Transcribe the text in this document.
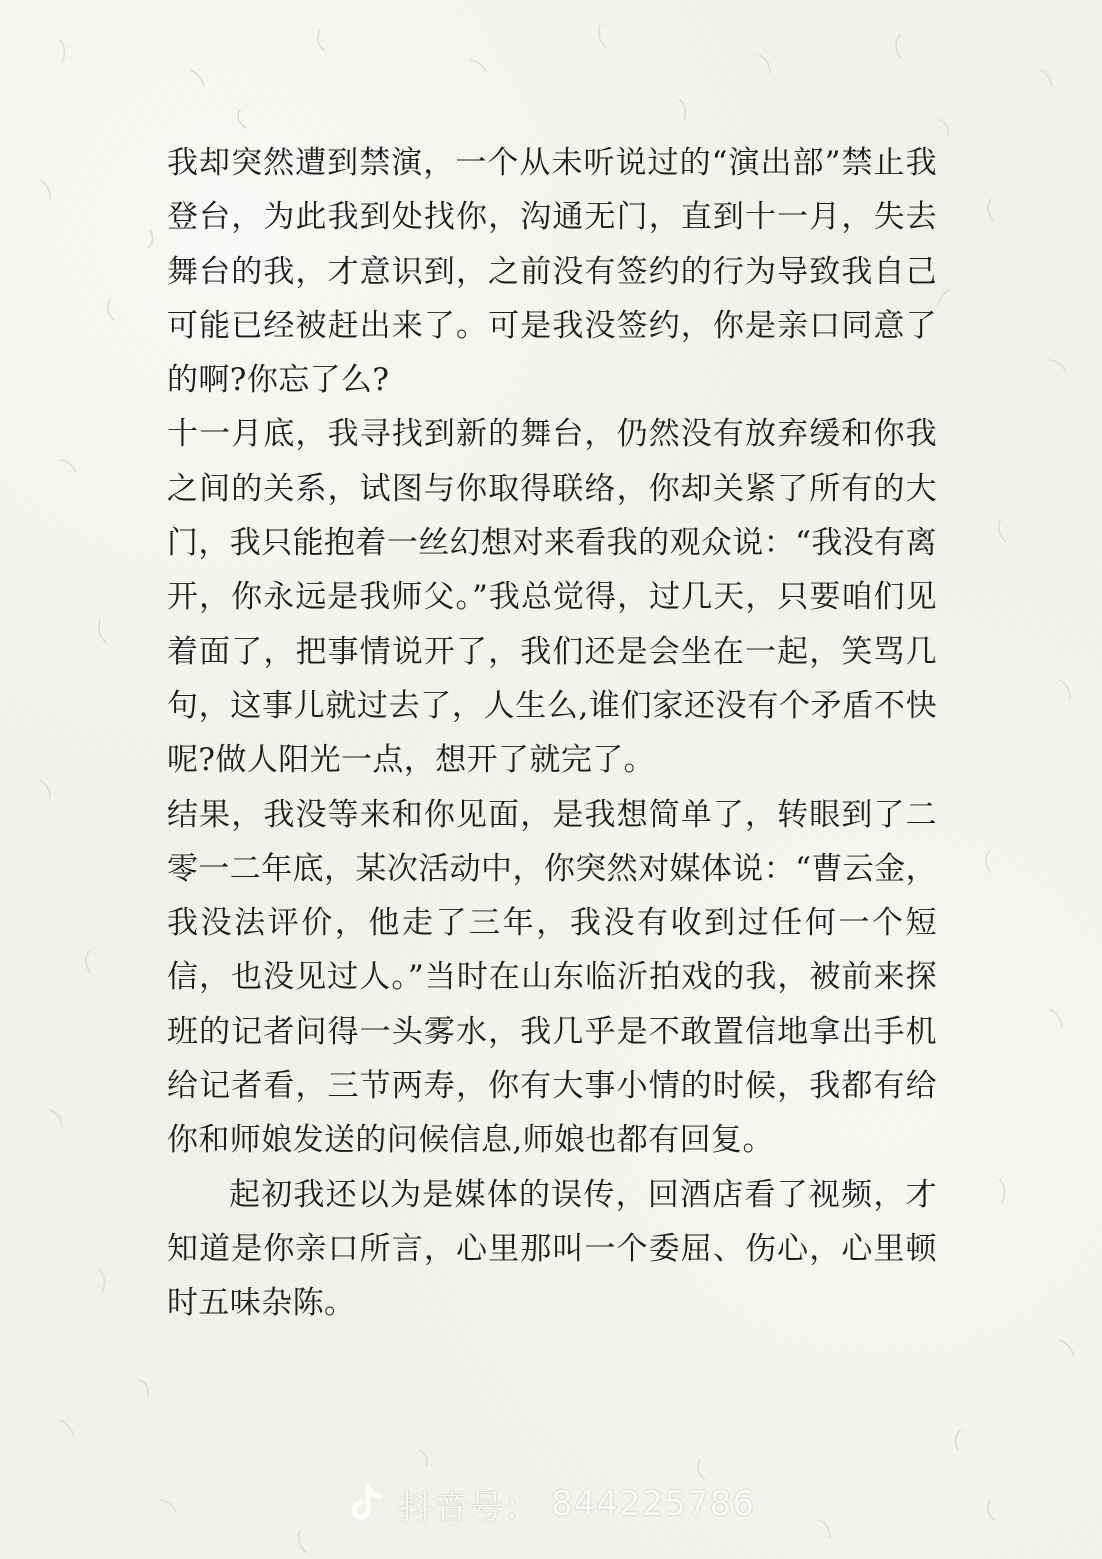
我却突然遭到禁演，一个从未听说过的“演出部”禁止我登台，为此我到处找你，沟通无门，直到十一月，失去舞台的我，才意识到，之前没有签约的行为导致我自己可能已经被赶出来了。可是我没签约，你是亲口同意了的啊?你忘了么?

十一月底，我寻找到新的舞台，仍然没有放弃缓和你我之间的关系，试图与你取得联络，你却关紧了所有的大门，我只能抱着一丝幻想对来看我的观众说：“我没有离开，你永远是我师父。”我总觉得，过几天，只要咱们见着面了，把事情说开了，我们还是会坐在一起，笑骂几句，这事儿就过去了，人生么,谁们家还没有个矛盾不快呢?做人阳光一点，想开了就完了。

结果，我没等来和你见面，是我想简单了，转眼到了二零一二年底，某次活动中，你突然对媒体说：“曹云金，我没法评价，他走了三年，我没有收到过任何一个短信，也没见过人。”当时在山东临沂拍戏的我，被前来探班的记者问得一头雾水，我几乎是不敢置信地拿出手机给记者看，三节两寿，你有大事小情的时候，我都有给你和师娘发送的问候信息,师娘也都有回复。

起初我还以为是媒体的误传，回酒店看了视频，才知道是你亲口所言，心里那叫一个委屈、伤心，心里顿时五味杂陈。

抖音号： 844225786
